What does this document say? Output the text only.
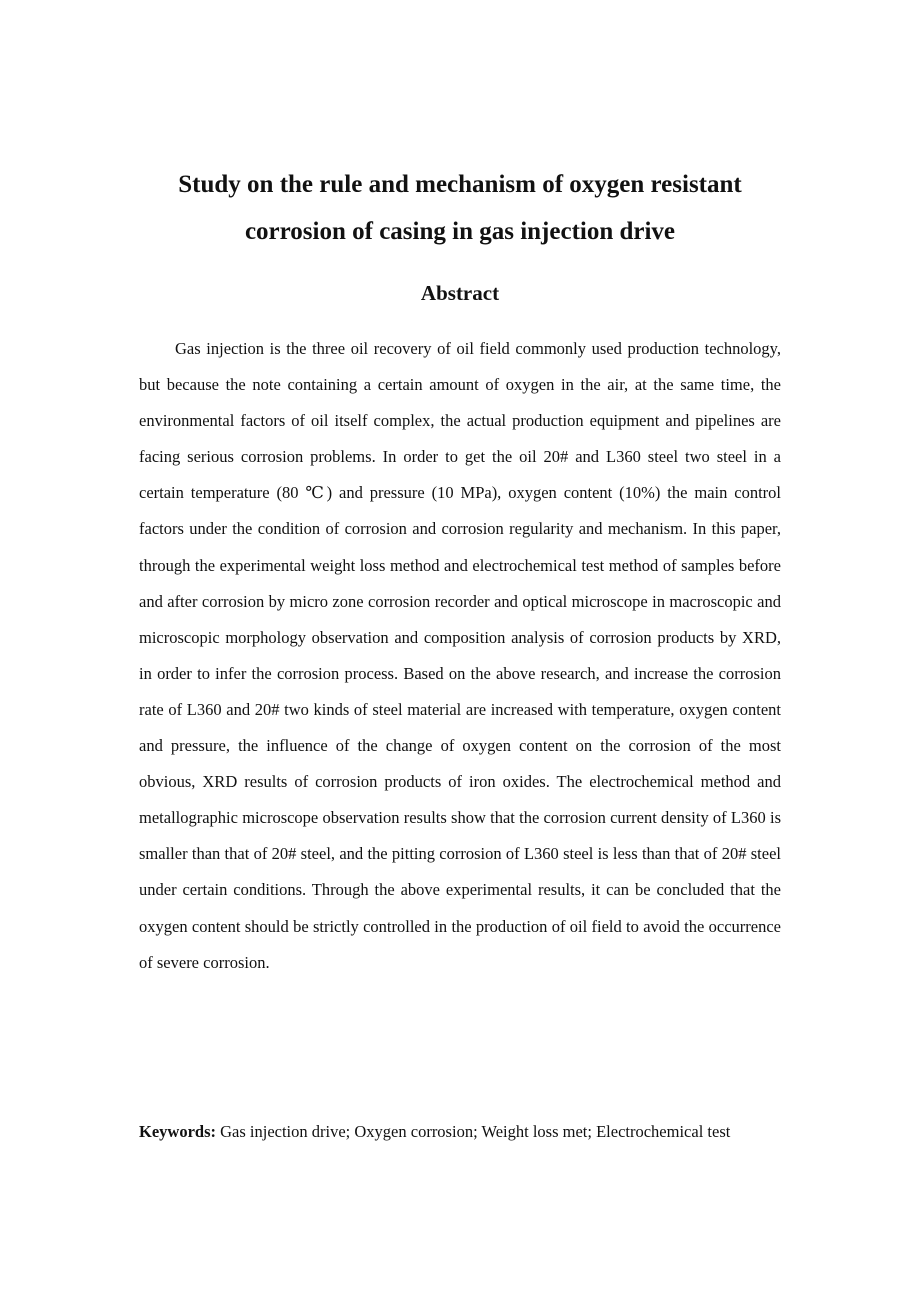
Study on the rule and mechanism of oxygen resistant
corrosion of casing in gas injection drive
Abstract

Gas injection is the three oil recovery of oil field commonly used production technology, but because the note containing a certain amount of oxygen in the air, at the same time, the environmental factors of oil itself complex, the actual production equipment and pipelines are facing serious corrosion problems. In order to get the oil 20# and L360 steel two steel in a certain temperature (80 ℃) and pressure (10 MPa), oxygen content (10%) the main control factors under the condition of corrosion and corrosion regularity and mechanism. In this paper, through the experimental weight loss method and electrochemical test method of samples before and after corrosion by micro zone corrosion recorder and optical microscope in macroscopic and microscopic morphology observation and composition analysis of corrosion products by XRD, in order to infer the corrosion process. Based on the above research, and increase the corrosion rate of L360 and 20# two kinds of steel material are increased with temperature, oxygen content and pressure, the influence of the change of oxygen content on the corrosion of the most obvious, XRD results of corrosion products of iron oxides. The electrochemical method and metallographic microscope observation results show that the corrosion current density of L360 is smaller than that of 20# steel, and the pitting corrosion of L360 steel is less than that of 20# steel under certain conditions. Through the above experimental results, it can be concluded that the oxygen content should be strictly controlled in the production of oil field to avoid the occurrence of severe corrosion.

Keywords: Gas injection drive; Oxygen corrosion; Weight loss met; Electrochemical test
